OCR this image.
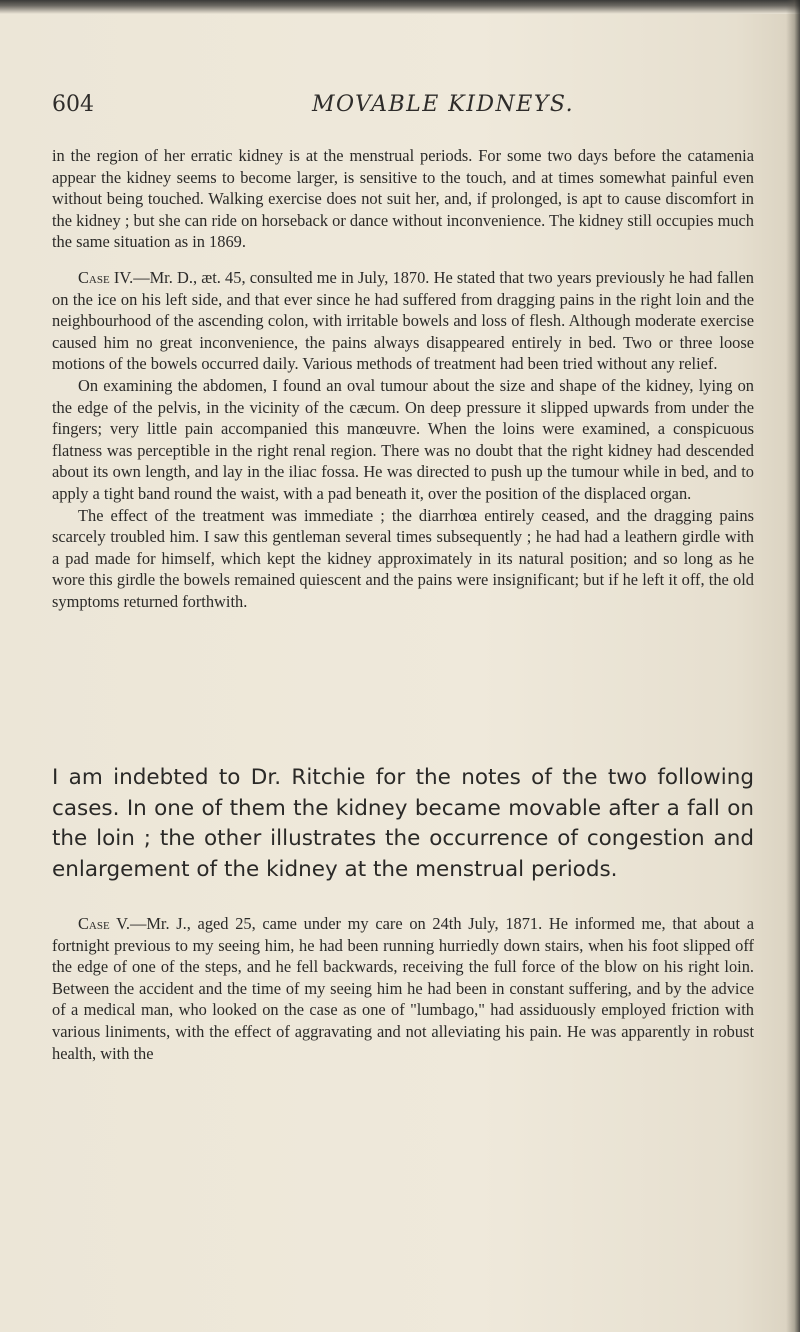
604	MOVABLE KIDNEYS.

in the region of her erratic kidney is at the menstrual periods. For some two days before the catamenia appear the kidney seems to become larger, is sensitive to the touch, and at times somewhat painful even without being touched. Walking exercise does not suit her, and, if prolonged, is apt to cause discomfort in the kidney ; but she can ride on horseback or dance without inconvenience. The kidney still occupies much the same situation as in 1869.

Case IV.—Mr. D., æt. 45, consulted me in July, 1870. He stated that two years previously he had fallen on the ice on his left side, and that ever since he had suffered from dragging pains in the right loin and the neighbourhood of the ascending colon, with irritable bowels and loss of flesh. Although moderate exercise caused him no great inconvenience, the pains always disappeared entirely in bed. Two or three loose motions of the bowels occurred daily. Various methods of treatment had been tried without any relief.

On examining the abdomen, I found an oval tumour about the size and shape of the kidney, lying on the edge of the pelvis, in the vicinity of the cæcum. On deep pressure it slipped upwards from under the fingers; very little pain accompanied this manœuvre. When the loins were examined, a conspicuous flatness was perceptible in the right renal region. There was no doubt that the right kidney had descended about its own length, and lay in the iliac fossa. He was directed to push up the tumour while in bed, and to apply a tight band round the waist, with a pad beneath it, over the position of the displaced organ.

The effect of the treatment was immediate ; the diarrhœa entirely ceased, and the dragging pains scarcely troubled him. I saw this gentleman several times subsequently ; he had had a leathern girdle with a pad made for himself, which kept the kidney approximately in its natural position; and so long as he wore this girdle the bowels remained quiescent and the pains were insignificant; but if he left it off, the old symptoms returned forthwith.

I am indebted to Dr. Ritchie for the notes of the two following cases. In one of them the kidney became movable after a fall on the loin ; the other illustrates the occurrence of congestion and enlargement of the kidney at the menstrual periods.

Case V.—Mr. J., aged 25, came under my care on 24th July, 1871. He informed me, that about a fortnight previous to my seeing him, he had been running hurriedly down stairs, when his foot slipped off the edge of one of the steps, and he fell backwards, receiving the full force of the blow on his right loin. Between the accident and the time of my seeing him he had been in constant suffering, and by the advice of a medical man, who looked on the case as one of "lumbago," had assiduously employed friction with various liniments, with the effect of aggravating and not alleviating his pain. He was apparently in robust health, with the
